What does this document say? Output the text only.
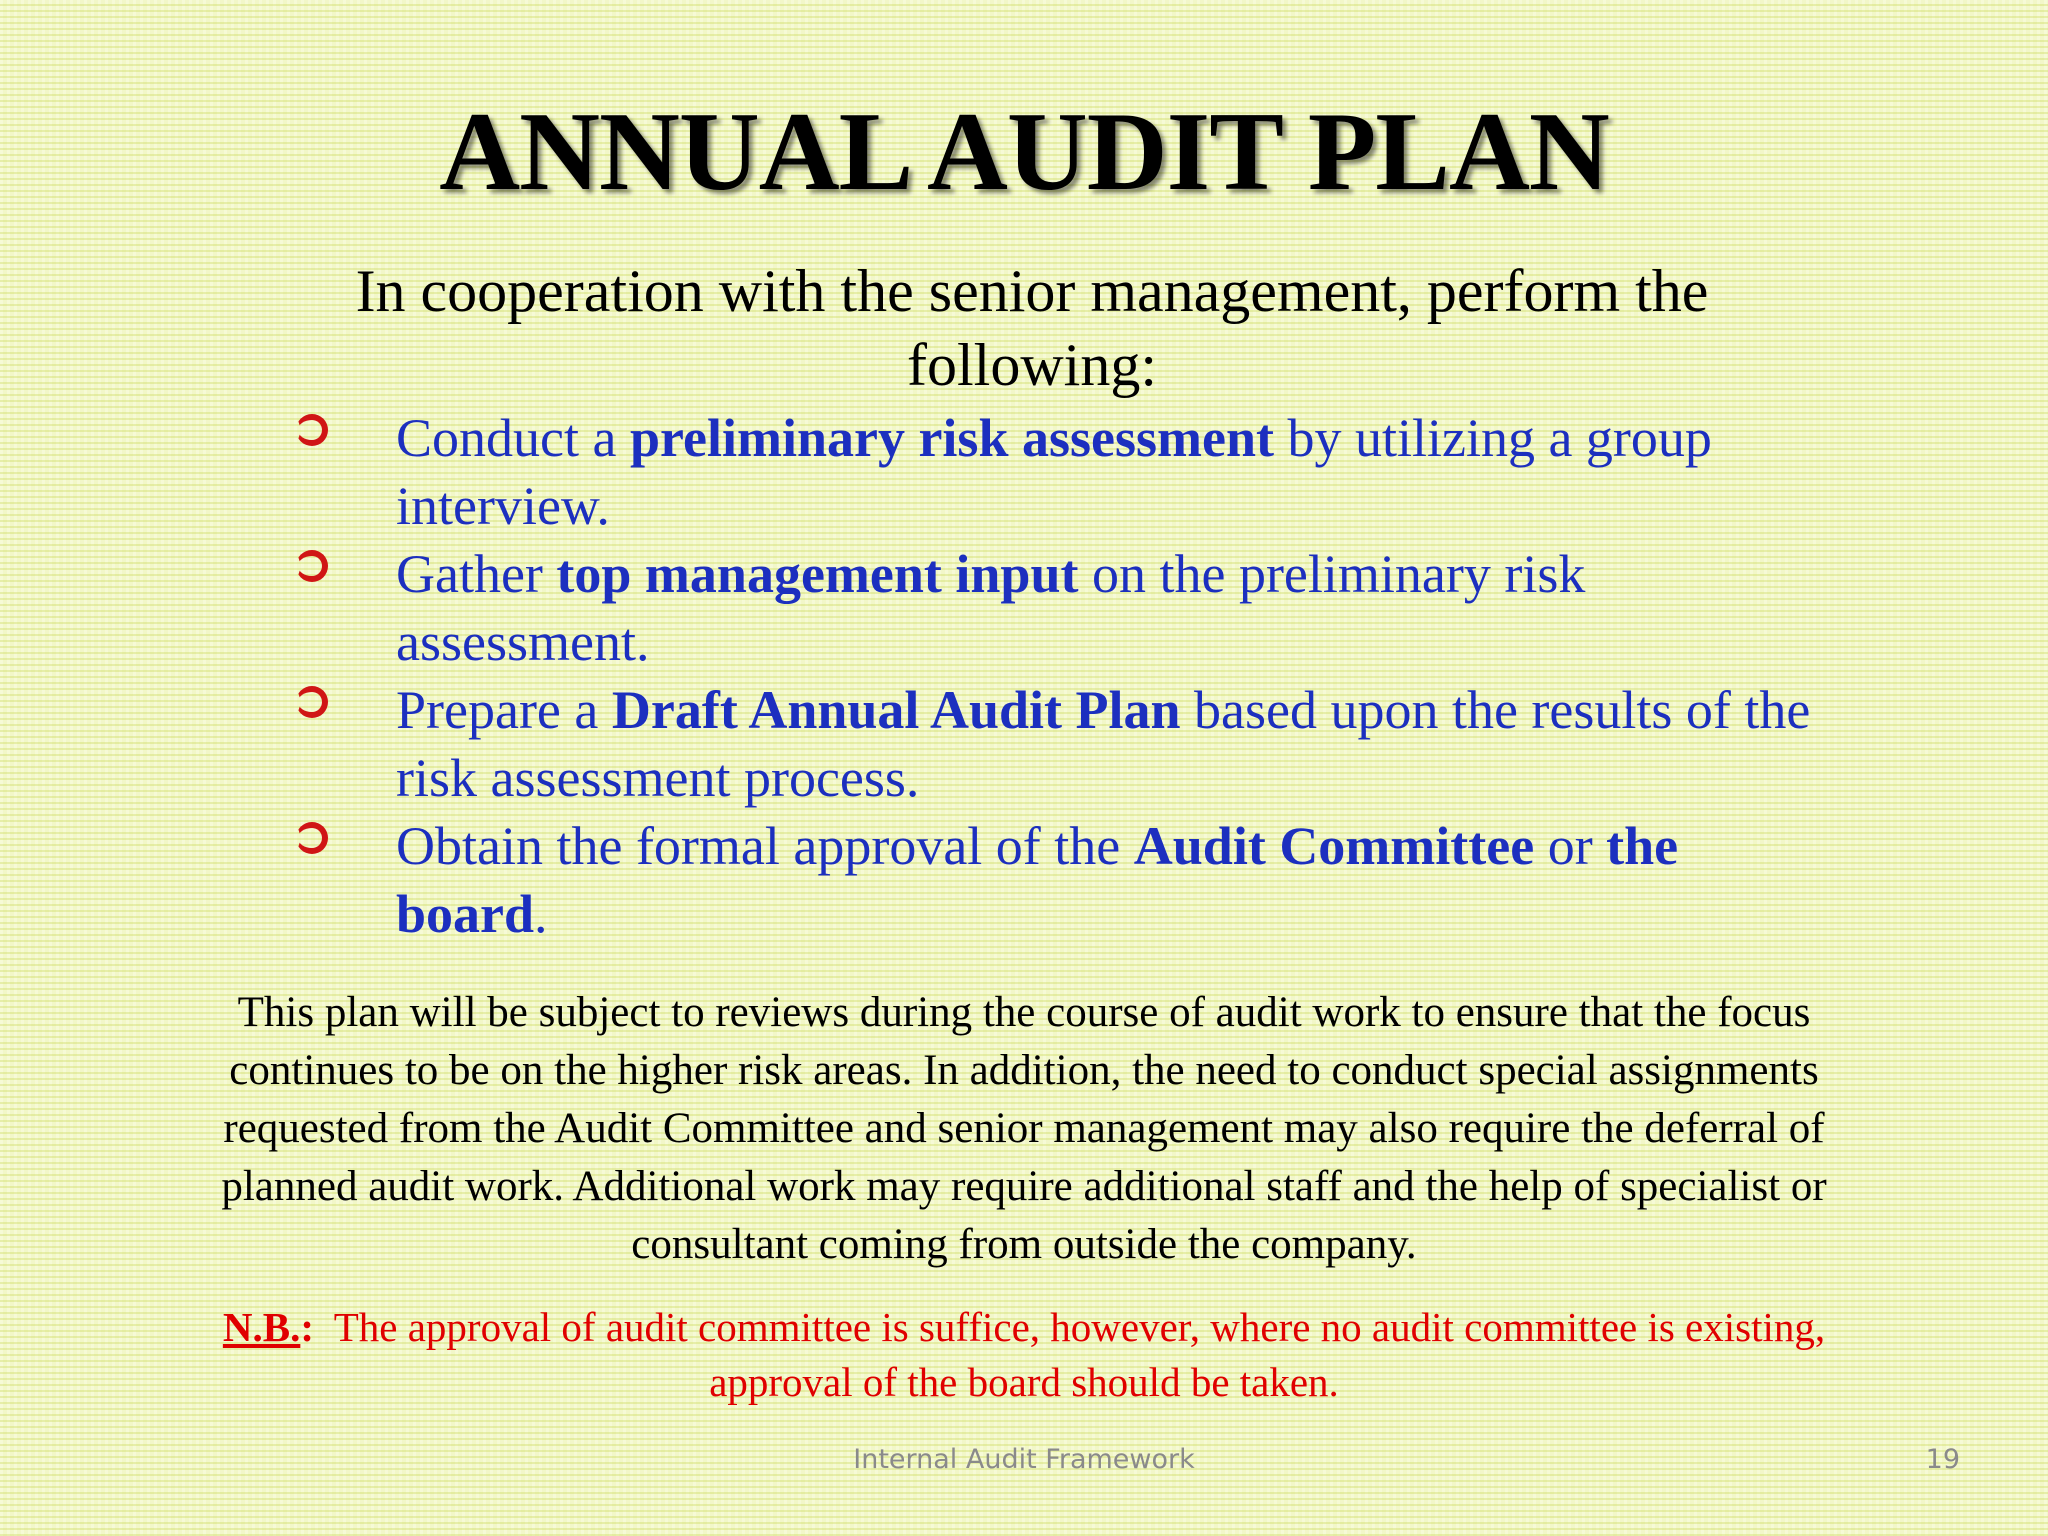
ANNUAL AUDIT PLAN
In cooperation with the senior management, perform the following:
Conduct a preliminary risk assessment by utilizing a group interview.
Gather top management input on the preliminary risk assessment.
Prepare a Draft Annual Audit Plan based upon the results of the risk assessment process.
Obtain the formal approval of the Audit Committee or the board.
This plan will be subject to reviews during the course of audit work to ensure that the focus continues to be on the higher risk areas. In addition, the need to conduct special assignments requested from the Audit Committee and senior management may also require the deferral of planned audit work. Additional work may require additional staff and the help of specialist or consultant coming from outside the company.
N.B.:  The approval of audit committee is suffice, however, where no audit committee is existing, approval of the board should be taken.
Internal Audit Framework	19
